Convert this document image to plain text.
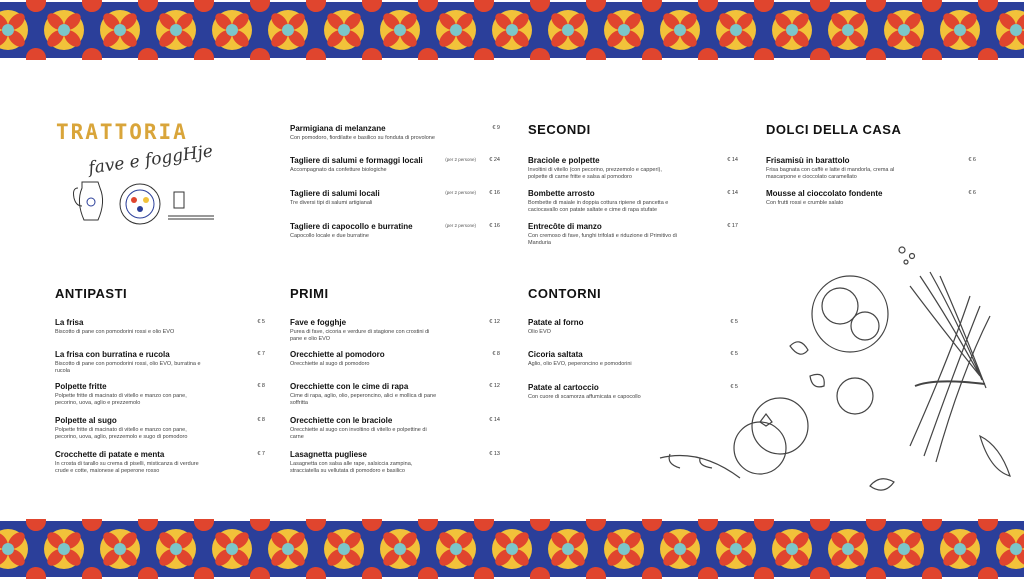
TRATTORIA
fave e foggHje
ANTIPASTI
La frisa
Biscotto di pane con pomodorini rossi e olio EVO
€ 5
La frisa con burratina e rucola
Biscotto di pane con pomodorini rossi, olio EVO, burratina e rucola
€ 7
Polpette fritte
Polpette fritte di macinato di vitello e manzo con pane, pecorino, uova, aglio e prezzemolo
€ 8
Polpette al sugo
Polpette fritte di macinato di vitello e manzo con pane, pecorino, uova, aglio, prezzemolo e sugo di pomodoro
€ 8
Crocchette di patate e menta
In crosta di tarallo su crema di piselli, misticanza di verdure crude e cotte, maionese al peperone rosso
€ 7
Parmigiana di melanzane
Con pomodoro, fiordilatte e basilico su fonduta di provolone
€ 9
Tagliere di salumi e formaggi locali
Accompagnato da confetture biologiche
€ 24
(per 2 persone)
Tagliere di salumi locali
Tre diversi tipi di salumi artigianali
€ 16
(per 2 persone)
Tagliere di capocollo e burratine
Capocollo locale e due burratine
€ 16
(per 2 persone)
PRIMI
Fave e fogghje
Purea di fave, cicoria e verdure di stagione con crostini di pane e olio EVO
€ 12
Orecchiette al pomodoro
Orecchiette al sugo di pomodoro
€ 8
Orecchiette con le cime di rapa
Cime di rapa, aglio, olio, peperoncino, alici e mollica di pane soffritta
€ 12
Orecchiette con le braciole
Orecchiette al sugo con involtino di vitello e polpettine di carne
€ 14
Lasagnetta pugliese
Lasagnetta con salsa alle rape, salsiccia zampina, stracciatella su vellutata di pomodoro e basilico
€ 13
SECONDI
Braciole e polpette
Involtini di vitello (con pecorino, prezzemolo e capperi), polpette di carne fritte e salsa al pomodoro
€ 14
Bombette arrosto
Bombette di maiale in doppia cottura ripiene di pancetta e caciocavallo con patate saltate e cime di rapa stufate
€ 14
Entrecôte di manzo
Con cremoso di fave, funghi trifolati e riduzione di Primitivo di Manduria
€ 17
CONTORNI
Patate al forno
Olio EVO
€ 5
Cicoria saltata
Aglio, olio EVO, peperoncino e pomodorini
€ 5
Patate al cartoccio
Con cuore di scamorza affumicata e capocollo
€ 5
DOLCI DELLA CASA
Frisamisù in barattolo
Frisa bagnata con caffè e latte di mandorla, crema al mascarpone e cioccolato caramellato
€ 6
Mousse al cioccolato fondente
Con frutti rossi e crumble salato
€ 6
